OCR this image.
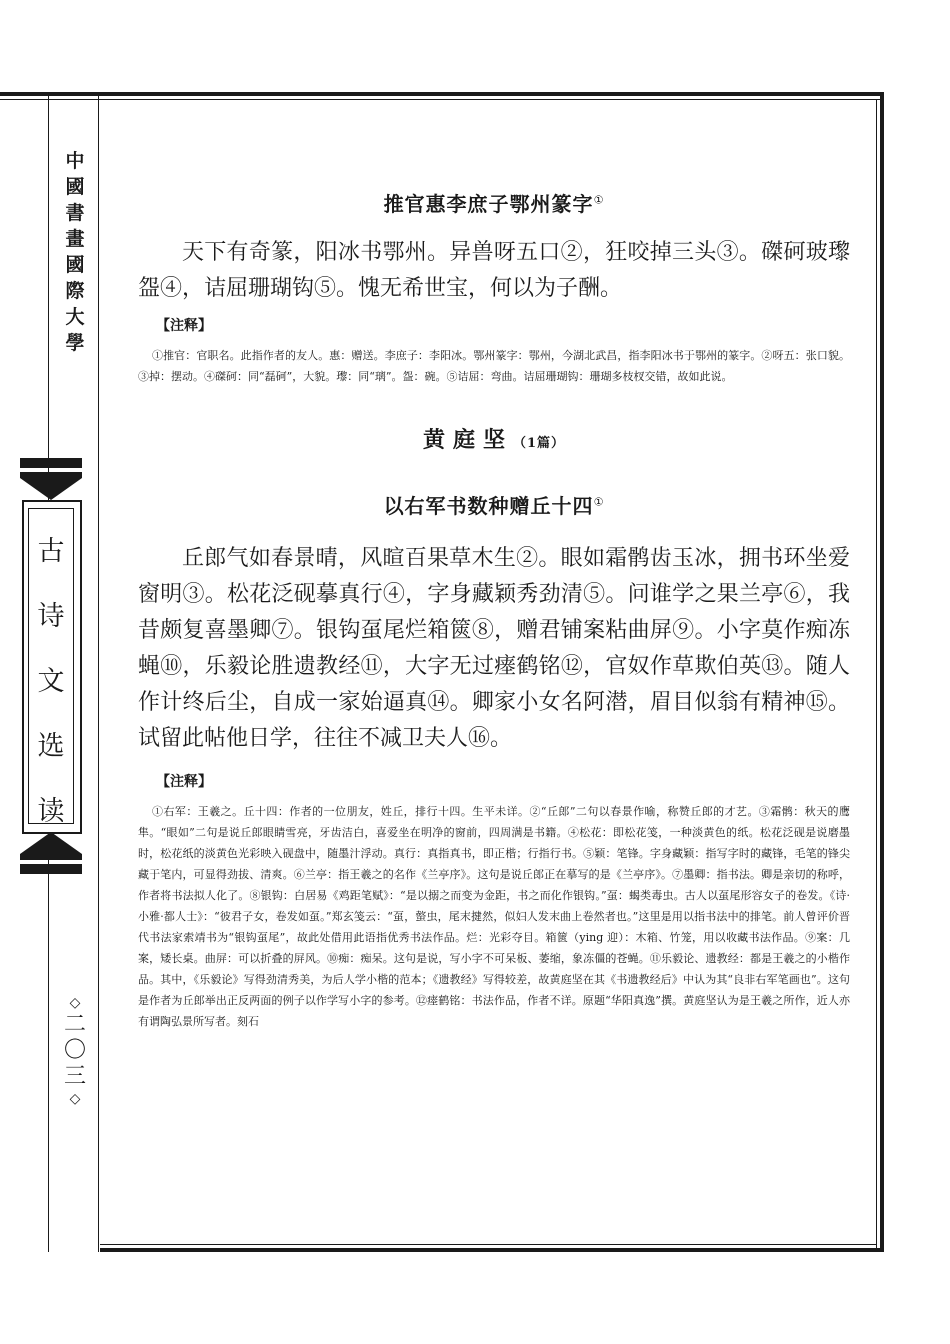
中
國
書
畫
國
際
大
學
古
诗
文
选
读
◇
二
〇
三
◇
推官惠李庶子鄂州篆字①

天下有奇篆，阳冰书鄂州。异兽呀五口②，狂咬掉三头③。磔砢玻瓈盌④，诘屈珊瑚钩⑤。愧无希世宝，何以为子酬。

【注释】

①推官：官职名。此指作者的友人。惠：赠送。李庶子：李阳冰。鄂州篆字：鄂州，今湖北武昌，指李阳冰书于鄂州的篆字。②呀五：张口貌。③掉：摆动。④磔砢：同“磊砢”，大貌。瓈：同“璃”。盌：碗。⑤诘屈：弯曲。诘屈珊瑚钩：珊瑚多枝杈交错，故如此说。

黄庭坚（1篇）
以右军书数种赠丘十四①

丘郎气如春景晴，风暄百果草木生②。眼如霜鹘齿玉冰，拥书环坐爱窗明③。松花泛砚摹真行④，字身藏颖秀劲清⑤。问谁学之果兰亭⑥，我昔颇复喜墨卿⑦。银钩虿尾烂箱篋⑧，赠君铺案粘曲屏⑨。小字莫作痴冻蝇⑩，乐毅论胜遗教经⑪，大字无过瘗鹤铭⑫，官奴作草欺伯英⑬。随人作计终后尘，自成一家始逼真⑭。卿家小女名阿潜，眉目似翁有精神⑮。试留此帖他日学，往往不减卫夫人⑯。

【注释】

①右军：王羲之。丘十四：作者的一位朋友，姓丘，排行十四。生平未详。②“丘郎”二句以春景作喻，称赞丘郎的才艺。③霜鹘：秋天的鹰隼。“眼如”二句是说丘郎眼睛雪亮，牙齿洁白，喜爱坐在明净的窗前，四周满是书籍。④松花：即松花笺，一种淡黄色的纸。松花泛砚是说磨墨时，松花纸的淡黄色光彩映入砚盘中，随墨汁浮动。真行：真指真书，即正楷；行指行书。⑤颖：笔锋。字身藏颖：指写字时的藏锋，毛笔的锋尖藏于笔内，可显得劲拔、清爽。⑥兰亭：指王羲之的名作《兰亭序》。这句是说丘郎正在摹写的是《兰亭序》。⑦墨卿：指书法。卿是亲切的称呼，作者将书法拟人化了。⑧银钩：白居易《鸡距笔赋》：“是以搦之而变为金距，书之而化作银钩。”虿：蝎类毒虫。古人以虿尾形容女子的卷发。《诗·小雅·都人士》：“彼君子女，卷发如虿。”郑玄笺云：“虿，螫虫，尾末揵然，似妇人发末曲上卷然者也。”这里是用以指书法中的排笔。前人曾评价晋代书法家索靖书为“银钩虿尾”，故此处借用此语指优秀书法作品。烂：光彩夺目。箱篋（ying 迎）：木箱、竹笼，用以收藏书法作品。⑨案：几案，矮长桌。曲屏：可以折叠的屏风。⑩痴：痴呆。这句是说，写小字不可呆板、萎缩，象冻僵的苍蝇。⑪乐毅论、遗教经：都是王羲之的小楷作品。其中，《乐毅论》写得劲清秀美，为后人学小楷的范本；《遗教经》写得较差，故黄庭坚在其《书遗教经后》中认为其“良非右军笔画也”。这句是作者为丘郎举出正反两面的例子以作学写小字的参考。⑫瘗鹤铭：书法作品，作者不详。原题“华阳真逸”撰。黄庭坚认为是王羲之所作，近人亦有谓陶弘景所写者。刻石
